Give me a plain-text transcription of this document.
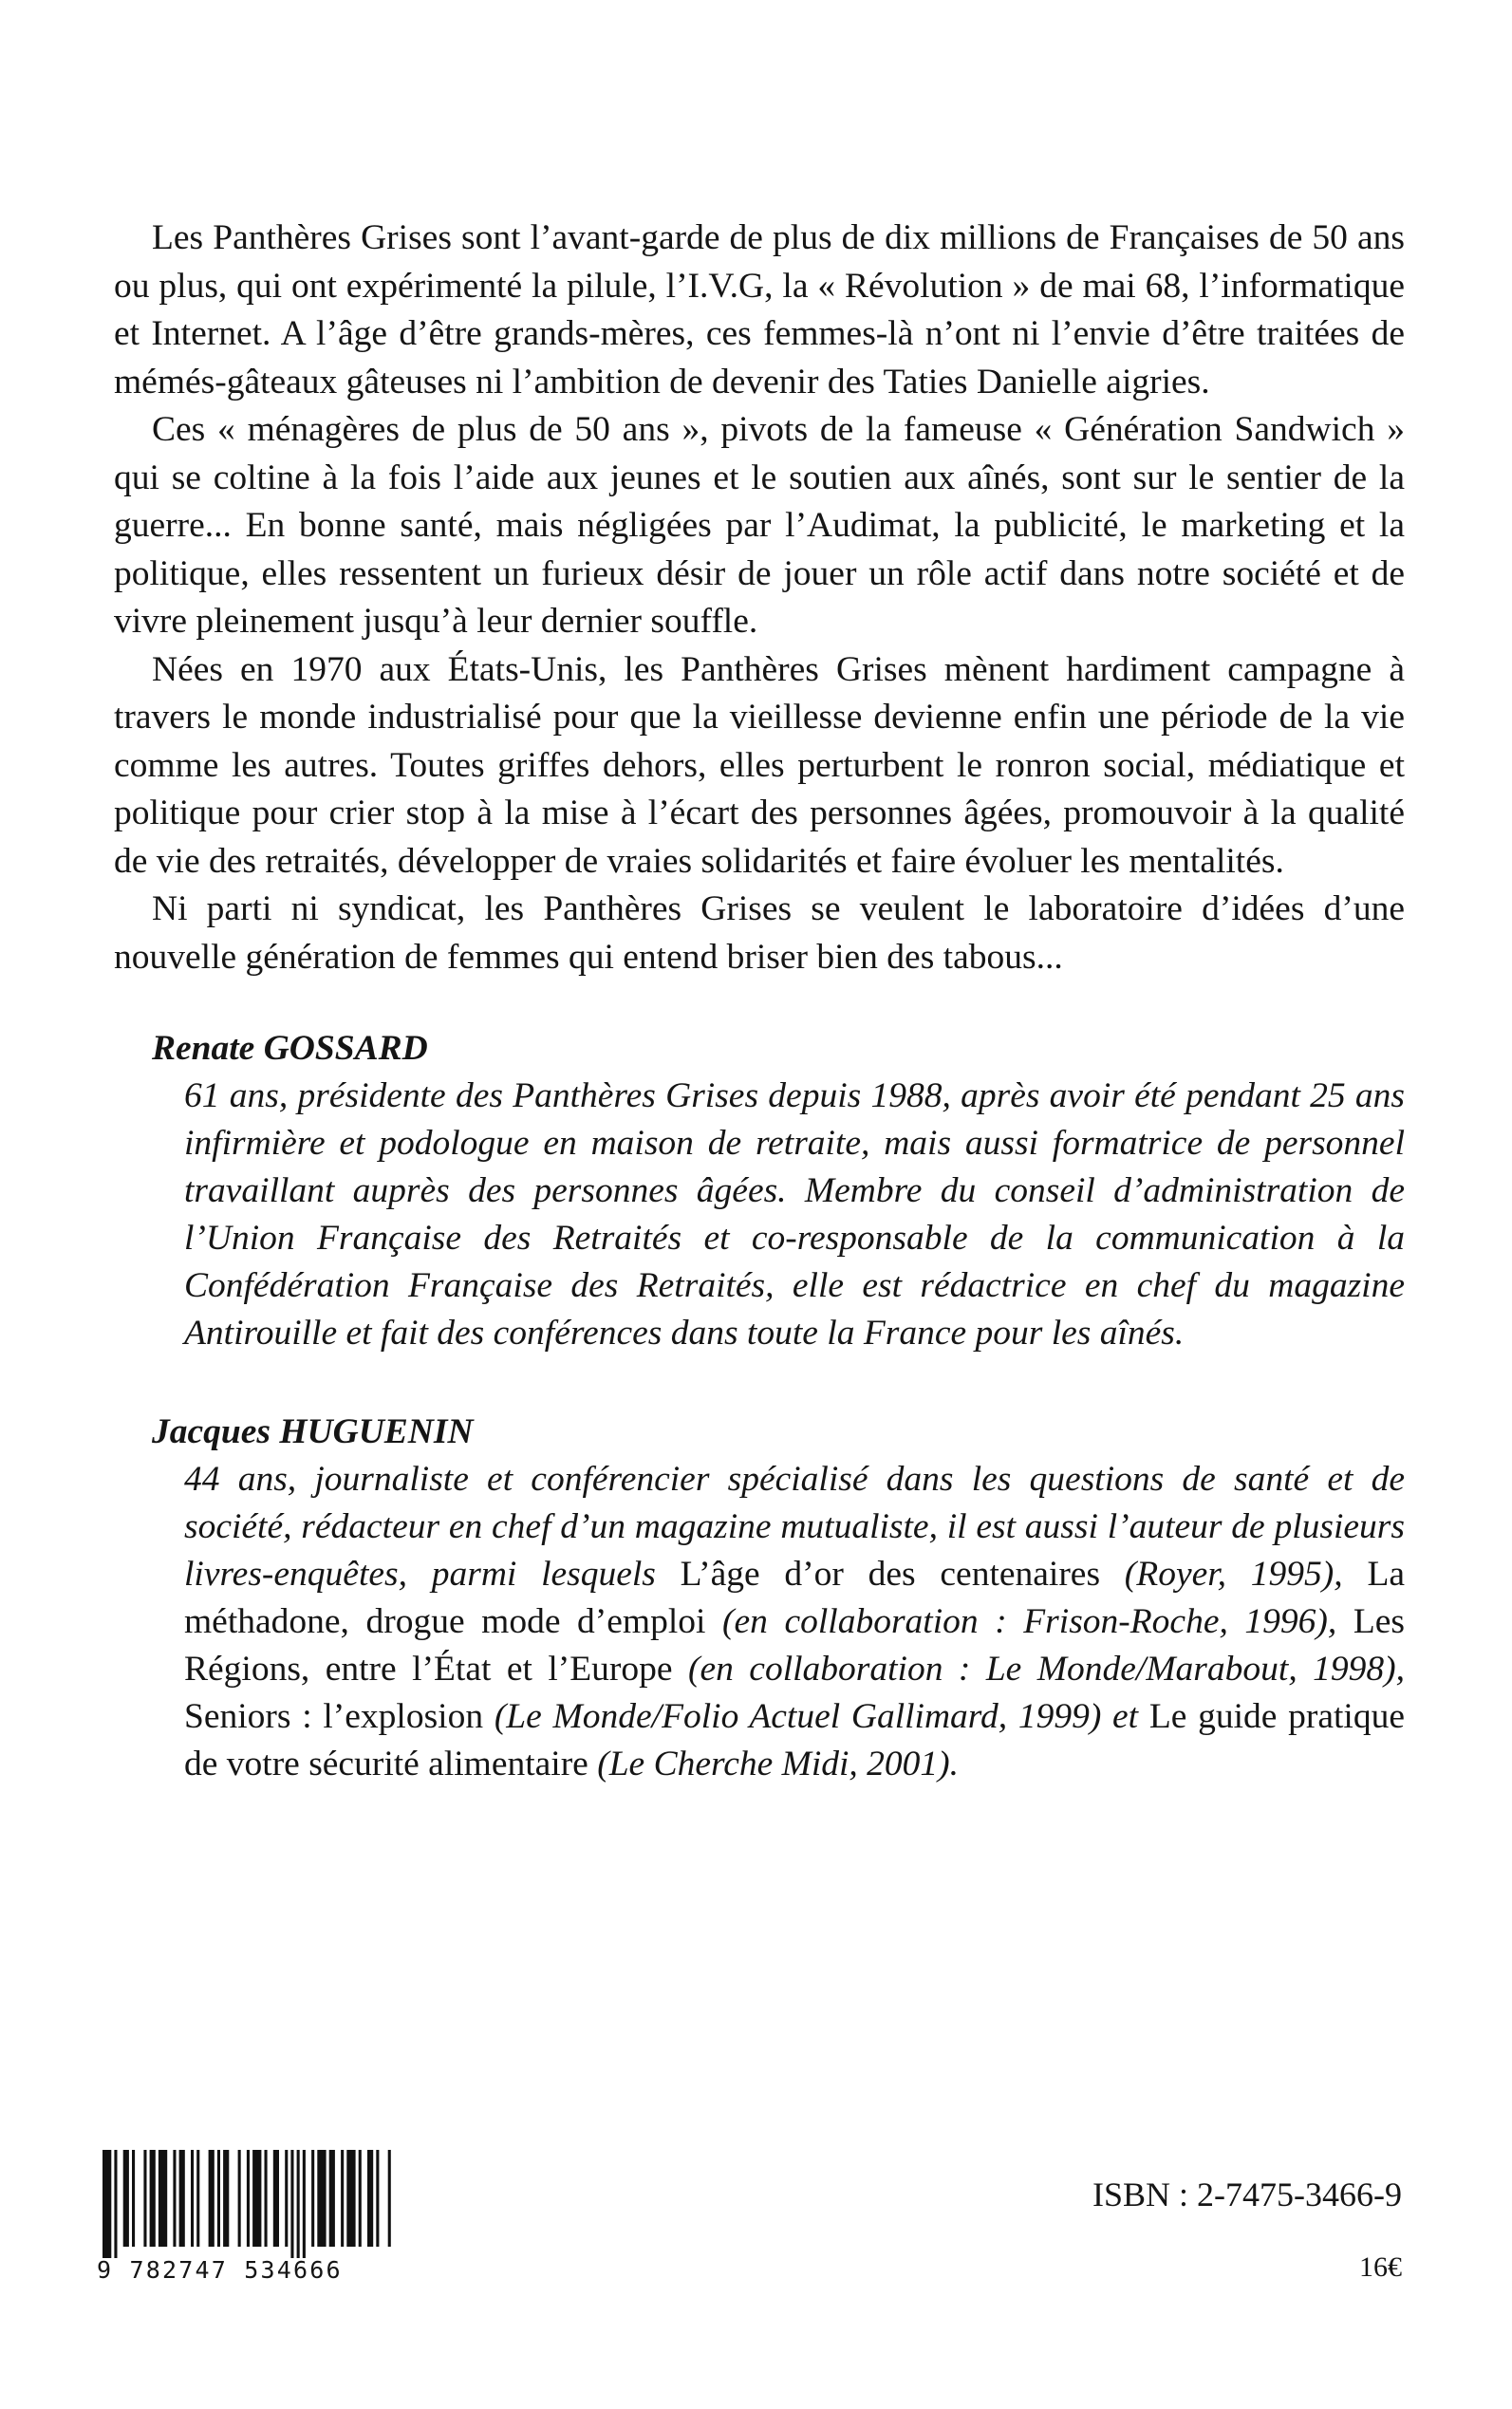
Les Panthères Grises sont l’avant-garde de plus de dix millions de Françaises de 50 ans ou plus, qui ont expérimenté la pilule, l’I.V.G, la « Révolution » de mai 68, l’informatique et Internet. A l’âge d’être grands-mères, ces femmes-là n’ont ni l’envie d’être traitées de mémés-gâteaux gâteuses ni l’ambition de devenir des Taties Danielle aigries.

Ces « ménagères de plus de 50 ans », pivots de la fameuse « Génération Sandwich » qui se coltine à la fois l’aide aux jeunes et le soutien aux aînés, sont sur le sentier de la guerre... En bonne santé, mais négligées par l’Audimat, la publicité, le marketing et la politique, elles ressentent un furieux désir de jouer un rôle actif dans notre société et de vivre pleinement jusqu’à leur dernier souffle.

Nées en 1970 aux États-Unis, les Panthères Grises mènent hardiment campagne à travers le monde industrialisé pour que la vieillesse devienne enfin une période de la vie comme les autres. Toutes griffes dehors, elles perturbent le ronron social, médiatique et politique pour crier stop à la mise à l’écart des personnes âgées, promouvoir à la qualité de vie des retraités, développer de vraies solidarités et faire évoluer les mentalités.

Ni parti ni syndicat, les Panthères Grises se veulent le laboratoire d’idées d’une nouvelle génération de femmes qui entend briser bien des tabous...

Renate GOSSARD

61 ans, présidente des Panthères Grises depuis 1988, après avoir été pendant 25 ans infirmière et podologue en maison de retraite, mais aussi formatrice de personnel travaillant auprès des personnes âgées. Membre du conseil d’administration de l’Union Française des Retraités et co-responsable de la communication à la Confédération Française des Retraités, elle est rédactrice en chef du magazine Antirouille et fait des conférences dans toute la France pour les aînés.

Jacques HUGUENIN

44 ans, journaliste et conférencier spécialisé dans les questions de santé et de société, rédacteur en chef d’un magazine mutualiste, il est aussi l’auteur de plusieurs livres-enquêtes, parmi lesquels L’âge d’or des centenaires (Royer, 1995), La méthadone, drogue mode d’emploi (en collaboration : Frison-Roche, 1996), Les Régions, entre l’État et l’Europe (en collaboration : Le Monde/Marabout, 1998), Seniors : l’explosion (Le Monde/Folio Actuel Gallimard, 1999) et Le guide pratique de votre sécurité alimentaire (Le Cherche Midi, 2001).

9 782747 534666
ISBN : 2-7475-3466-9
16€
